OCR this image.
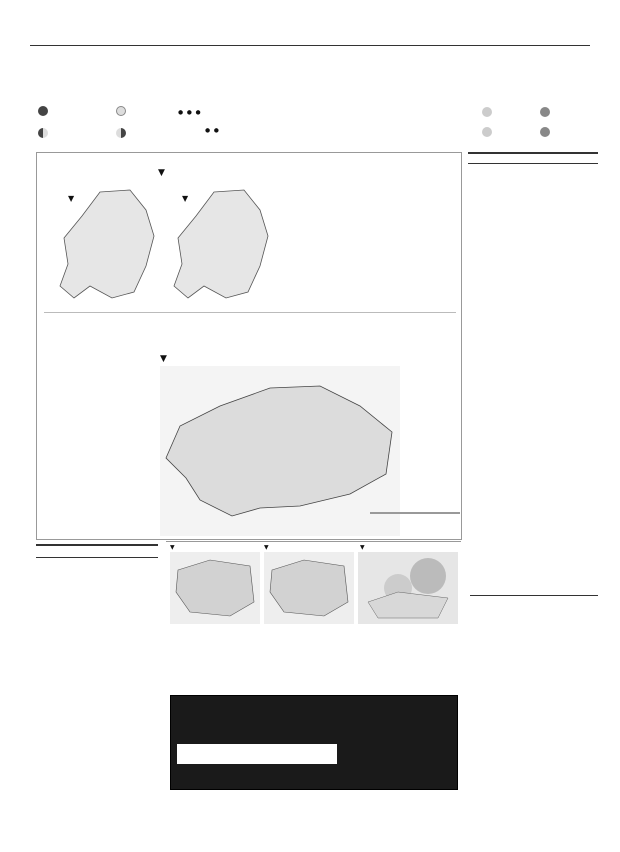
● ● ●
● ●
▼
▼	▼
▼
▼	▼	▼
